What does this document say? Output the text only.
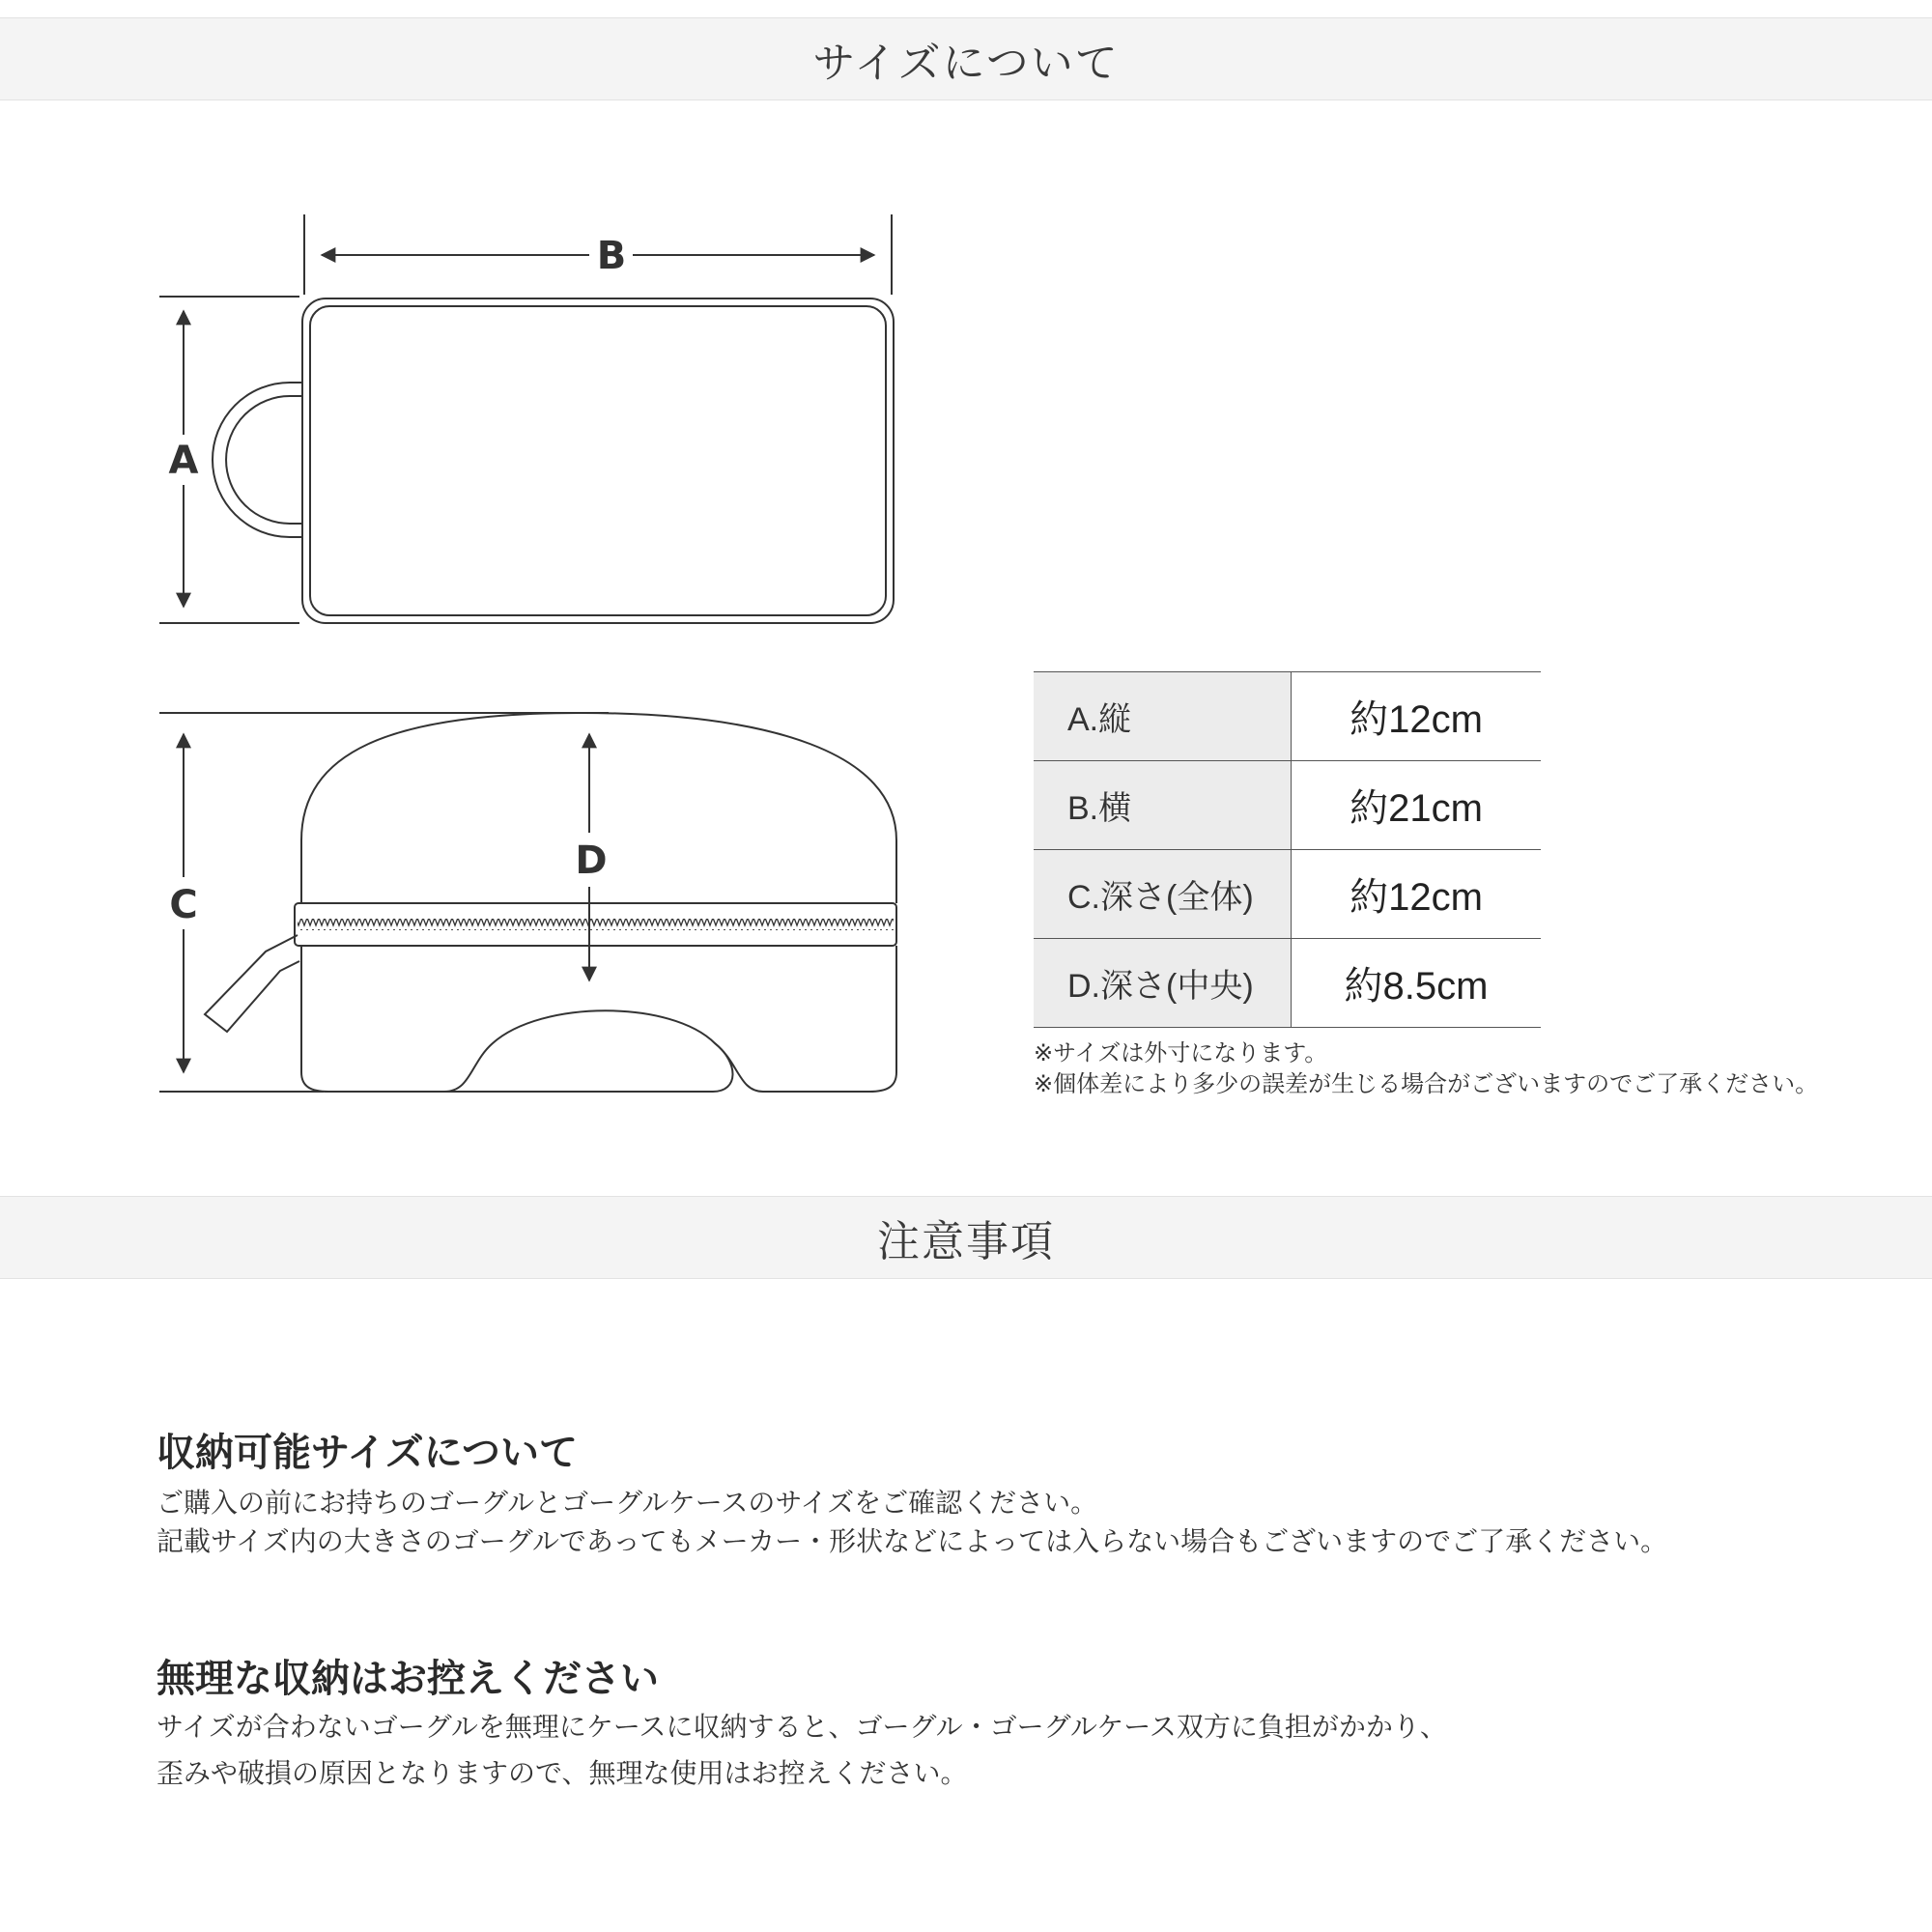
サイズについて
B
A
C
D
A.縦	約12cm
B.横	約21cm
C.深さ(全体)	約12cm
D.深さ(中央)	約8.5cm
※サイズは外寸になります。
※個体差により多少の誤差が生じる場合がございますのでご了承ください。
注意事項
収納可能サイズについて
ご購入の前にお持ちのゴーグルとゴーグルケースのサイズをご確認ください。
記載サイズ内の大きさのゴーグルであってもメーカー・形状などによっては入らない場合もございますのでご了承ください。
無理な収納はお控えください
サイズが合わないゴーグルを無理にケースに収納すると、ゴーグル・ゴーグルケース双方に負担がかかり、
歪みや破損の原因となりますので、無理な使用はお控えください。
